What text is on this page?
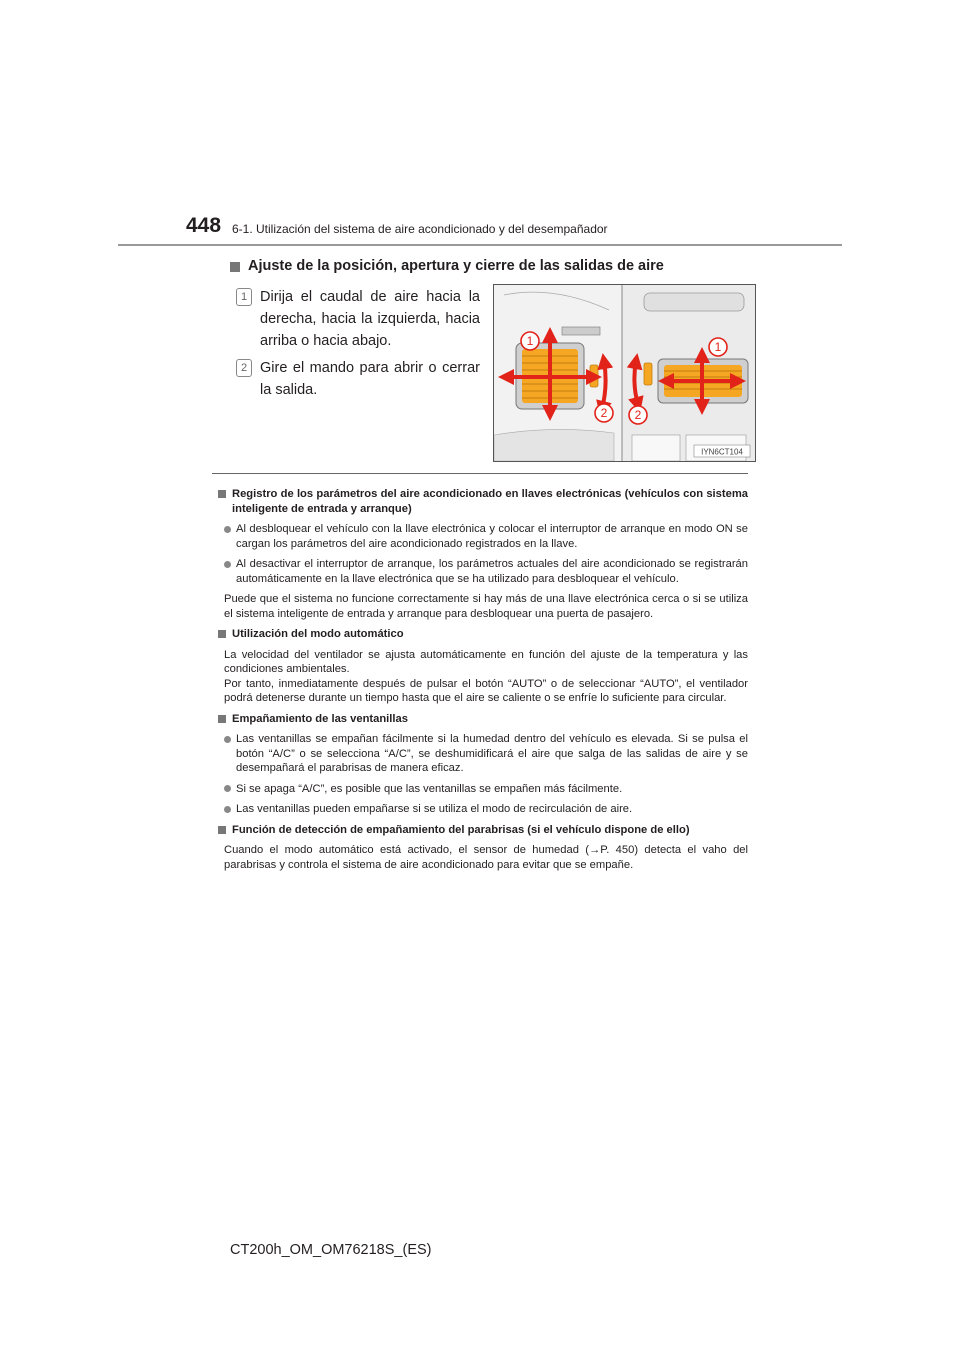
448 6-1. Utilización del sistema de aire acondicionado y del desempañador
Ajuste de la posición, apertura y cierre de las salidas de aire
1 Dirija el caudal de aire hacia la derecha, hacia la izquierda, hacia arriba o hacia abajo.
2 Gire el mando para abrir o cerrar la salida.
1	1
2 2
IYN6CT104
Registro de los parámetros del aire acondicionado en llaves electrónicas (vehículos con sistema inteligente de entrada y arranque)
Al desbloquear el vehículo con la llave electrónica y colocar el interruptor de arranque en modo ON se cargan los parámetros del aire acondicionado registrados en la llave.
Al desactivar el interruptor de arranque, los parámetros actuales del aire acondicionado se registrarán automáticamente en la llave electrónica que se ha utilizado para desbloquear el vehículo.
Puede que el sistema no funcione correctamente si hay más de una llave electrónica cerca o si se utiliza el sistema inteligente de entrada y arranque para desbloquear una puerta de pasajero.
Utilización del modo automático
La velocidad del ventilador se ajusta automáticamente en función del ajuste de la temperatura y las condiciones ambientales.
Por tanto, inmediatamente después de pulsar el botón “AUTO” o de seleccionar “AUTO”, el ventilador podrá detenerse durante un tiempo hasta que el aire se caliente o se enfríe lo suficiente para circular.
Empañamiento de las ventanillas
Las ventanillas se empañan fácilmente si la humedad dentro del vehículo es elevada. Si se pulsa el botón “A/C” o se selecciona “A/C”, se deshumidificará el aire que salga de las salidas de aire y se desempañará el parabrisas de manera eficaz.
Si se apaga “A/C”, es posible que las ventanillas se empañen más fácilmente.
Las ventanillas pueden empañarse si se utiliza el modo de recirculación de aire.
Función de detección de empañamiento del parabrisas (si el vehículo dispone de ello)
Cuando el modo automático está activado, el sensor de humedad (→P. 450) detecta el vaho del parabrisas y controla el sistema de aire acondicionado para evitar que se empañe.
CT200h_OM_OM76218S_(ES)
